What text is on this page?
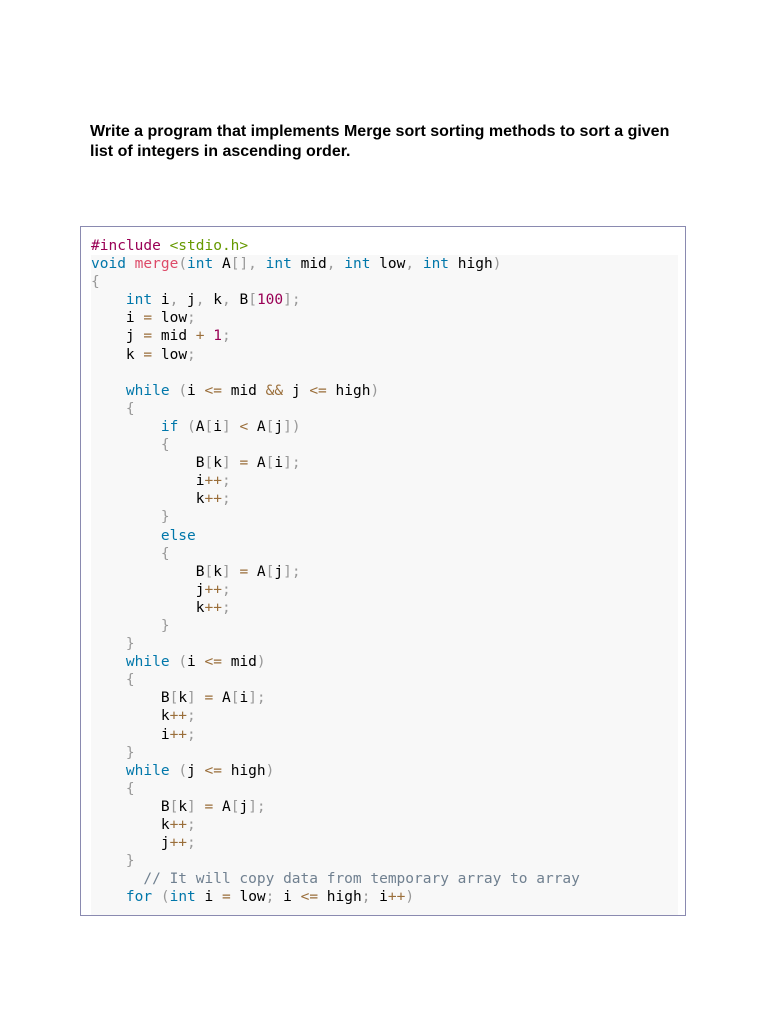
Write a program that implements Merge sort sorting methods to sort a given list of integers in ascending order.
#include <stdio.h>
void merge(int A[], int mid, int low, int high)
{
int i, j, k, B[100];
i = low;
j = mid + 1;
k = low;

while (i <= mid && j <= high)
{
if (A[i] < A[j])
{
B[k] = A[i];
i++;
k++;
}
else
{
B[k] = A[j];
j++;
k++;
}
}
while (i <= mid)
{
B[k] = A[i];
k++;
i++;
}
while (j <= high)
{
B[k] = A[j];
k++;
j++;
}
// It will copy data from temporary array to array
for (int i = low; i <= high; i++)
